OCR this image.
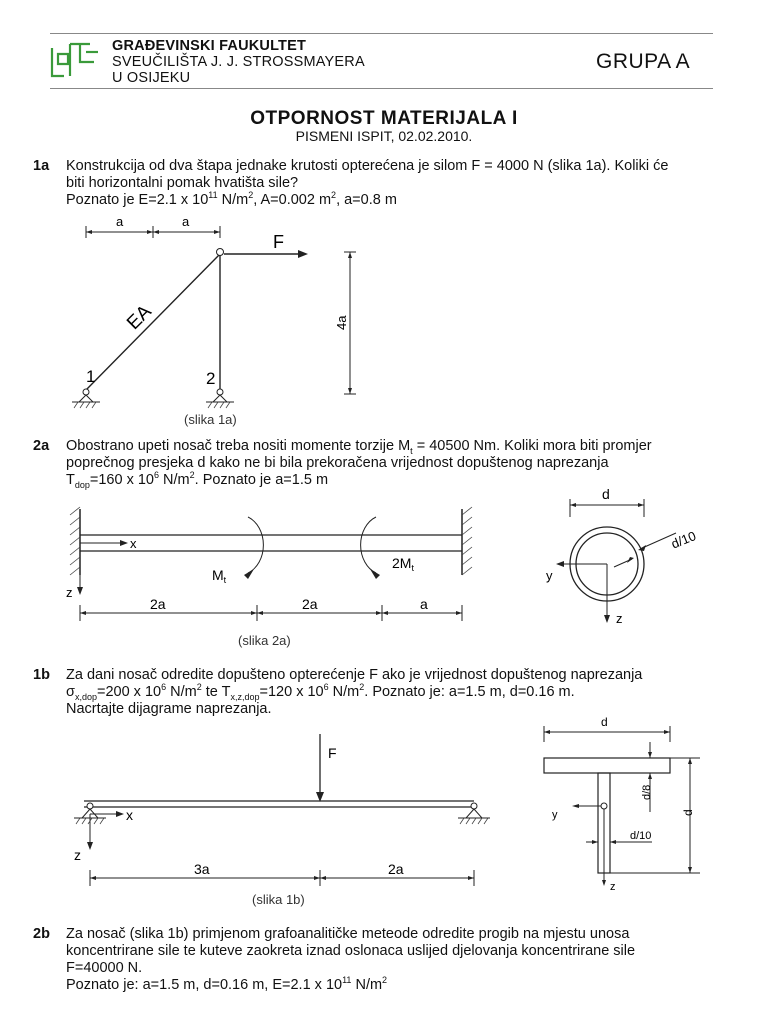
GRAĐEVINSKI FAUKULTET
SVEUČILIŠTA J. J. STROSSMAYERA
U OSIJEKU
GRUPA A
OTPORNOST MATERIJALA I
PISMENI ISPIT, 02.02.2010.
1a Konstrukcija od dva štapa jednake krutosti opterećena je silom F = 4000 N (slika 1a). Koliki će
biti horizontalni pomak hvatišta sile?
Poznato je E=2.1 x $10^{11}$ $N/m^2$, A=0.002 $m^2$, a=0.8 m
a	a
F
EA	4a
1	2
(slika 1a)
2a Obostrano upeti nosač treba nositi momente torzije $M_t = 40500$ Nm. Koliki mora biti promjer
poprečnog presjeka d kako ne bi bila prekoračena vrijednost dopuštenog naprezanja
$T_{dop}=160$ x $10^6$ $N/m^2$. Poznato je a=1.5 m
x
z
$M_t$
$2M_t$
2a	2a	a
(slika 2a)
d
d/10
y
z
1b Za dani nosač odredite dopušteno opterećenje F ako je vrijednost dopuštenog naprezanja
$\sigma_{x,dop}=200$ x $10^6$ $N/m^2$ te $T_{x,z,dop}=120$ x $10^6$ $N/m^2$. Poznato je: a=1.5 m, d=0.16 m.
Nacrtajte dijagrame naprezanja.
F
x
z
3a	2a
(slika 1b)
d
d/8
d
d/10
y
z
2b Za nosač (slika 1b) primjenom grafoanalitičke meteode odredite progib na mjestu unosa
koncentrirane sile te kuteve zaokreta iznad oslonaca uslijed djelovanja koncentrirane sile
F=40000 N.
Poznato je: a=1.5 m, d=0.16 m, E=2.1 x $10^{11}$ $N/m^2$
